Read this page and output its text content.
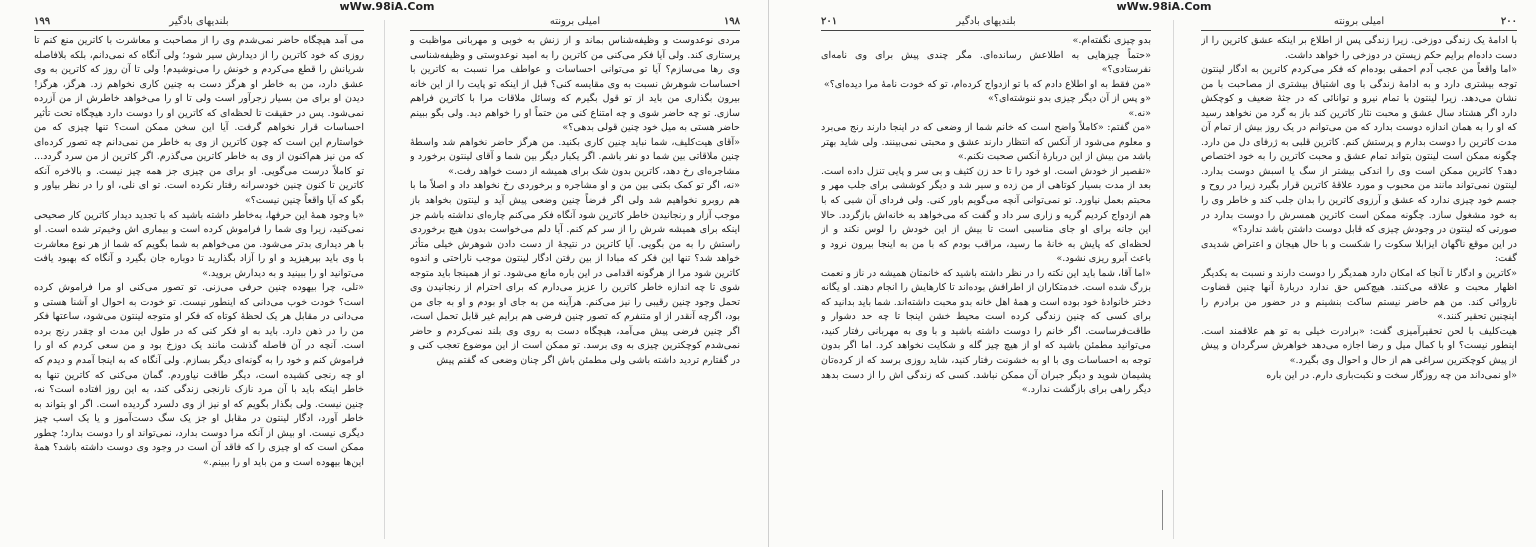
wWw.98iA.Com
بلندیهای بادگیر
۱۹۹

می آمد هیچگاه حاضر نمی‌شدم وی را از مصاحبت و معاشرت با کاترین منع کنم تا روزی که خود کاترین را از دیدارش سیر شود؛ ولی آنگاه که نمی‌دانم، بلکه بلافاصله شریانش را قطع می‌کردم و خونش را می‌نوشیدم! ولی تا آن روز که کاترین به وی عشق دارد، من به خاطر او هرگز دست به چنین کاری نخواهم زد. هرگز، هرگز! دیدن او برای من بسیار زجرآور است ولی تا او را می‌خواهد خاطرش از من آزرده نمی‌شود. پس در حقیقت تا لحظه‌ای که کاترین او را دوست دارد هیچگاه تحت تأثیر احساسات قرار نخواهم گرفت. آیا این سخن ممکن است؟ تنها چیزی که من خواستارم این است که چون کاترین از وی به خاطر من نمی‌دانم چه تصور کرده‌ای که من نیز هم‌اکنون از وی به خاطر کاترین می‌گذرم. اگر کاترین از من سرد گردد... تو کاملاً درست می‌گویی. او برای من چیزی جز همه چیز نیست. و بالاخره آنکه کاترین تا کنون چنین خودسرانه رفتار نکرده است. تو ای نلی، او را در نظر بیاور و بگو که آیا واقعاً چنین نیست؟»

«با وجود همهٔ این حرفها، به‌خاطر داشته باشید که با تجدید دیدار کاترین کار صحیحی نمی‌کنید، زیرا وی شما را فراموش کرده است و بیماری اش وخیم‌تر شده است. او با هر دیداری بدتر می‌شود. من می‌خواهم به شما بگویم که شما از هر نوع معاشرت با وی باید بپرهیزید و او را آزاد بگذارید تا دوباره جان بگیرد و آنگاه که بهبود یافت می‌توانید او را ببینید و به دیدارش بروید.»

«تلی، چرا بیهوده چنین حرفی می‌زنی. تو تصور می‌کنی او مرا فراموش کرده است؟ خودت خوب می‌دانی که اینطور نیست. تو خودت به احوال او آشنا هستی و می‌دانی در مقابل هر یک لحظهٔ کوتاه که فکر او متوجه لینتون می‌شود، ساعتها فکر من را در ذهن دارد. باید به او فکر کنی که در طول این مدت او چقدر رنج برده است. آنچه در آن فاصله گذشت مانند یک دوزخ بود و من سعی کردم که او را فراموش کنم و خود را به گونه‌ای دیگر بسازم. ولی آنگاه که به اینجا آمدم و دیدم که او چه رنجی کشیده است، دیگر طاقت نیاوردم. گمان می‌کنی که کاترین تنها به خاطر اینکه باید با آن مرد نازک نارنجی زندگی کند، به این روز افتاده است؟ نه، چنین نیست. ولی بگذار بگویم که او نیز از وی دلسرد گردیده است. اگر او بتواند به خاطر آورد، ادگار لینتون در مقابل او جز یک سگ دست‌آموز و یا یک اسب چیز دیگری نیست. او بیش از آنکه مرا دوست بدارد، نمی‌تواند او را دوست بدارد؛ چطور ممکن است که او چیزی را که فاقد آن است در وجود وی دوست داشته باشد؟ همهٔ این‌ها بیهوده است و من باید او را ببینم.»

امیلی برونته	۱۹۸

مردی نوعدوست و وظیفه‌شناس بماند و از زنش به خوبی و مهربانی مواظبت و پرستاری کند. ولی آیا فکر می‌کنی من کاترین را به امید نوعدوستی و وظیفه‌شناسی وی رها می‌سازم؟ آیا تو می‌توانی احساسات و عواطف مرا نسبت به کاترین با احساسات شوهرش نسبت به وی مقایسه کنی؟ قبل از اینکه تو پایت را از این خانه بیرون بگذاری من باید از تو قول بگیرم که وسائل ملاقات مرا با کاترین فراهم سازی. تو چه حاضر شوی و چه امتناع کنی من حتماً او را خواهم دید. ولی بگو ببینم حاضر هستی به میل خود چنین قولی بدهی؟»

«آقای هیت‌کلیف، شما نباید چنین کاری بکنید. من هرگز حاضر نخواهم شد واسطهٔ چنین ملاقاتی بین شما دو نفر باشم. اگر یکبار دیگر بین شما و آقای لینتون برخورد و مشاجره‌ای رخ دهد، کاترین بدون شک برای همیشه از دست خواهد رفت.»

«نه، اگر تو کمک بکنی بین من و او مشاجره و برخوردی رخ نخواهد داد و اصلاً ما با هم روبرو نخواهیم شد ولی اگر فرضاً چنین وضعی پیش آید و لینتون بخواهد باز موجب آزار و رنجانیدن خاطر کاترین شود آنگاه فکر می‌کنم چاره‌ای نداشته باشم جز اینکه برای همیشه شرش را از سر کم کنم. آیا دلم می‌خواست بدون هیچ برخوردی راستش را به من بگویی. آیا کاترین در نتیجهٔ از دست دادن شوهرش خیلی متأثر خواهد شد؟ تنها این فکر که مبادا از بین رفتن ادگار لینتون موجب ناراحتی و اندوه کاترین شود مرا از هرگونه اقدامی در این باره مانع می‌شود. تو از همینجا باید متوجه شوی تا چه اندازه خاطر کاترین را عزیز می‌دارم که برای احترام از رنجانیدن وی تحمل وجود چنین رقیبی را نیز می‌کنم. هرآینه من به جای او بودم و او به جای من بود، اگرچه آنقدر از او متنفرم که تصور چنین فرضی هم برایم غیر قابل تحمل است، اگر چنین فرضی پیش می‌آمد، هیچگاه دست به روی وی بلند نمی‌کردم و حاضر نمی‌شدم کوچکترین چیزی به وی برسد. تو ممکن است از این موضوع تعجب کنی و در گفتارم تردید داشته باشی ولی مطمئن باش اگر چنان وضعی که گفتم پیش

wWw.98iA.Com
بلندیهای بادگیر
۲۰۱

بدو چیزی نگفته‌ام.»

«حتماً چیزهایی به اطلاعش رسانده‌ای. مگر چندی پیش برای وی نامه‌ای نفرستادی؟»

«من فقط به او اطلاع دادم که با تو ازدواج کرده‌ام، تو که خودت نامهٔ مرا دیده‌ای؟»

«و پس از آن دیگر چیزی بدو ننوشته‌ای؟»

«نه.»

«من گفتم: «کاملاً واضح است که خانم شما از وضعی که در اینجا دارند رنج می‌برد و معلوم می‌شود از آنکس که انتظار دارند عشق و محبتی نمی‌بینند. ولی شاید بهتر باشد من بیش از این دربارهٔ آنکس صحبت نکنم.»

«تقصیر از خودش است. او خود را تا حد زن کثیف و بی سر و پایی تنزل داده است. بعد از مدت بسیار کوتاهی از من زده و سیر شد و دیگر کوششی برای جلب مهر و محبتم بعمل نیاورد. تو نمی‌توانی آنچه می‌گویم باور کنی. ولی فردای آن شبی که با هم ازدواج کردیم گریه و زاری سر داد و گفت که می‌خواهد به خانه‌اش بازگردد. حالا این جانه برای او جای مناسبی است تا بیش از این خودش را لوس نکند و از لحظه‌ای که پایش به خانهٔ ما رسید، مراقب بودم که با من به اینجا بیرون نرود و باعث آبرو ریزی نشود.»

«اما آقا، شما باید این نکته را در نظر داشته باشید که خانمتان همیشه در ناز و نعمت بزرگ شده است. خدمتکاران از اطرافش بوده‌اند تا کارهایش را انجام دهند. او یگانه دختر خانوادهٔ خود بوده است و همهٔ اهل خانه بدو محبت داشته‌اند. شما باید بدانید که برای کسی که چنین زندگی کرده است محیط خشن اینجا تا چه حد دشوار و طاقت‌فرساست. اگر خانم را دوست داشته باشید و با وی به مهربانی رفتار کنید، می‌توانید مطمئن باشید که او از هیچ چیز گله و شکایت نخواهد کرد. اما اگر بدون توجه به احساسات وی با او به خشونت رفتار کنید، شاید روزی برسد که از کرده‌تان پشیمان شوید و دیگر جبران آن ممکن نباشد. کسی که زندگی اش را از دست بدهد دیگر راهی برای بازگشت ندارد.»

امیلی برونته	۲۰۰

با ادامهٔ یک زندگی دوزخی. زیرا زندگی پس از اطلاع بر اینکه عشق کاترین را از دست داده‌ام برایم حکم زیستن در دوزخی را خواهد داشت.

«اما واقعاً من عجب آدم احمقی بوده‌ام که فکر می‌کردم کاترین به ادگار لینتون توجه بیشتری دارد و به ادامهٔ زندگی با وی اشتیاق بیشتری از مصاحبت با من نشان می‌دهد. زیرا لینتون با تمام نیرو و توانائی که در جثهٔ ضعیف و کوچکش دارد اگر هشتاد سال عشق و محبت نثار کاترین کند باز به گرد من نخواهد رسید که او را به همان اندازه دوست بدارد که من می‌توانم در یک روز بیش از تمام آن مدت کاترین را دوست بدارم و پرستش کنم. کاترین قلبی به ژرفای دل من دارد. چگونه ممکن است لینتون بتواند تمام عشق و محبت کاترین را به خود اختصاص دهد؟ کاترین ممکن است وی را اندکی بیشتر از سگ یا اسبش دوست بدارد. لینتون نمی‌تواند مانند من محبوب و مورد علاقهٔ کاترین قرار بگیرد زیرا در روح و جسم خود چیزی ندارد که عشق و آرزوی کاترین را بدان جلب کند و خاطر وی را به خود مشغول سازد. چگونه ممکن است کاترین همسرش را دوست بدارد در صورتی که لینتون در وجودش چیزی که قابل دوست داشتن باشد ندارد؟»

در این موقع ناگهان ایزابلا سکوت را شکست و با حال هیجان و اعتراض شدیدی گفت:

«کاترین و ادگار تا آنجا که امکان دارد همدیگر را دوست دارند و نسبت به یکدیگر اظهار محبت و علاقه می‌کنند. هیچ‌کس حق ندارد دربارهٔ آنها چنین قضاوت ناروائی کند. من هم حاضر نیستم ساکت بنشینم و در حضور من برادرم را اینچنین تحقیر کنند.»

هیت‌کلیف با لحن تحقیرآمیزی گفت: «برادرت خیلی به تو هم علاقمند است. اینطور نیست؟ او با کمال میل و رضا اجازه می‌دهد خواهرش سرگردان و پیش از پیش کوچکترین سراغی هم از حال و احوال وی بگیرد.»

«او نمی‌داند من چه روزگار سخت و نکبت‌باری دارم. در این باره
